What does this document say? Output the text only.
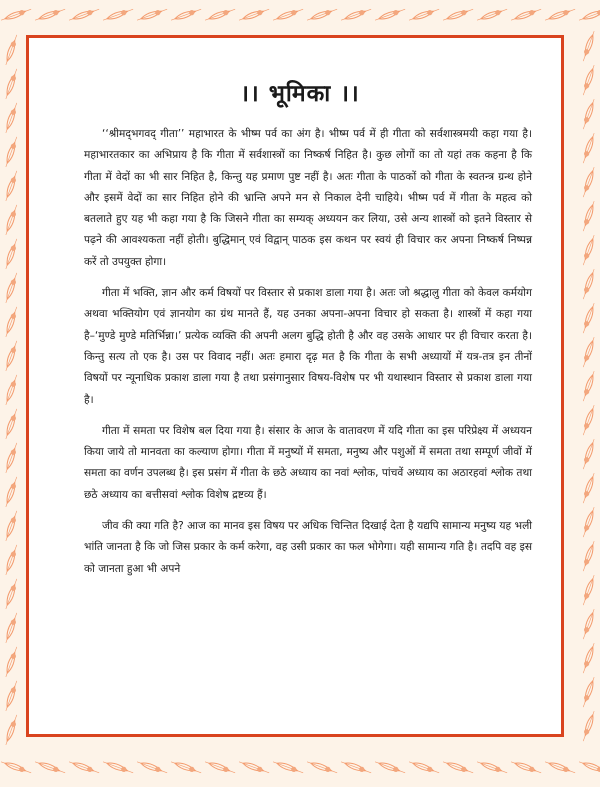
।। भूमिका ।।

‘‘श्रीमद्‌भगवद् गीता’’ महाभारत के भीष्म पर्व का अंग है। भीष्म पर्व में ही गीता को सर्वशास्त्रमयी कहा गया है। महाभारतकार का अभिप्राय है कि गीता में सर्वशास्त्रों का निष्कर्ष निहित है। कुछ लोगों का तो यहां तक कहना है कि गीता में वेदों का भी सार निहित है, किन्तु यह प्रमाण पुष्ट नहीं है। अतः गीता के पाठकों को गीता के स्वतन्त्र ग्रन्थ होने और इसमें वेदों का सार निहित होने की भ्रान्ति अपने मन से निकाल देनी चाहिये। भीष्म पर्व में गीता के महत्व को बतलाते हुए यह भी कहा गया है कि जिसने गीता का सम्यक् अध्ययन कर लिया, उसे अन्य शास्त्रों को इतने विस्तार से पढ़ने की आवश्यकता नहीं होती। बुद्धिमान् एवं विद्वान् पाठक इस कथन पर स्वयं ही विचार कर अपना निष्कर्ष निष्पन्न करें तो उपयुक्त होगा।

गीता में भक्ति, ज्ञान और कर्म विषयों पर विस्तार से प्रकाश डाला गया है। अतः जो श्रद्धालु गीता को केवल कर्मयोग अथवा भक्तियोग एवं ज्ञानयोग का ग्रंथ मानते हैं, यह उनका अपना-अपना विचार हो सकता है। शास्त्रों में कहा गया है–‘मुण्डे मुण्डे मतिर्भिन्ना।’ प्रत्येक व्यक्ति की अपनी अलग बुद्धि होती है और वह उसके आधार पर ही विचार करता है। किन्तु सत्य तो एक है। उस पर विवाद नहीं। अतः हमारा दृढ़ मत है कि गीता के सभी अध्यायों में यत्र-तत्र इन तीनों विषयों पर न्यूनाधिक प्रकाश डाला गया है तथा प्रसंगानुसार विषय-विशेष पर भी यथास्थान विस्तार से प्रकाश डाला गया है।

गीता में समता पर विशेष बल दिया गया है। संसार के आज के वातावरण में यदि गीता का इस परिप्रेक्ष्य में अध्ययन किया जाये तो मानवता का कल्याण होगा। गीता में मनुष्यों में समता, मनुष्य और पशुओं में समता तथा सम्पूर्ण जीवों में समता का वर्णन उपलब्ध है। इस प्रसंग में गीता के छठे अध्याय का नवां श्लोक, पांचवें अध्याय का अठारहवां श्लोक तथा छठे अध्याय का बत्तीसवां श्लोक विशेष द्रष्टव्य हैं।

जीव की क्या गति है? आज का मानव इस विषय पर अधिक चिन्तित दिखाई देता है यद्यपि सामान्य मनुष्य यह भली भांति जानता है कि जो जिस प्रकार के कर्म करेगा, वह उसी प्रकार का फल भोगेगा। यही सामान्य गति है। तदपि वह इस को जानता हुआ भी अपने
